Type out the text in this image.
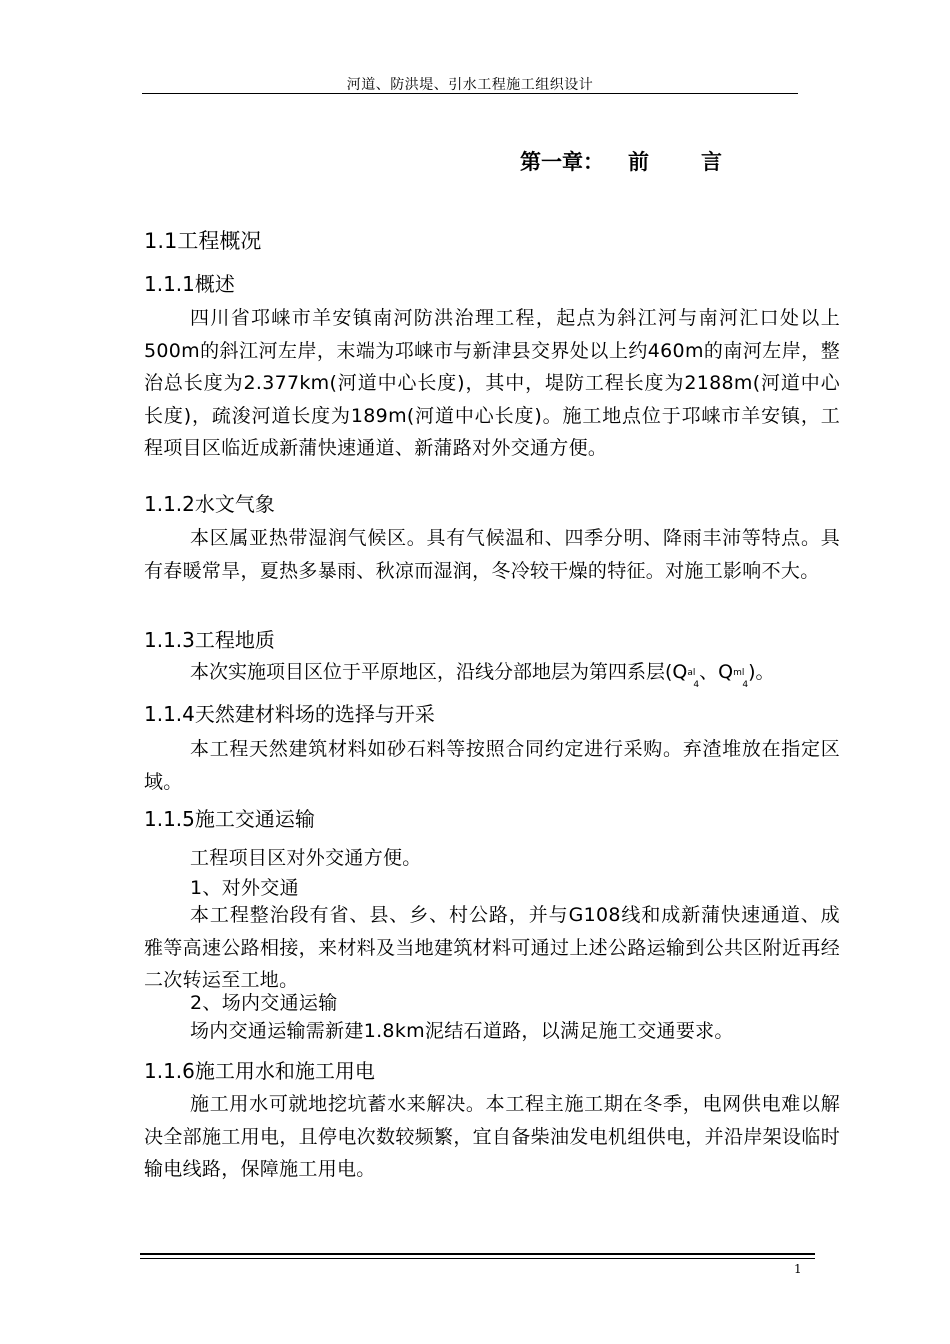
河道、防洪堤、引水工程施工组织设计
第一章： 前 言
1.1工程概况
1.1.1概述
四川省邛崃市羊安镇南河防洪治理工程，起点为斜江河与南河汇口处以上500m的斜江河左岸，末端为邛崃市与新津县交界处以上约460m的南河左岸，整治总长度为2.377km(河道中心长度)，其中，堤防工程长度为2188m(河道中心长度)，疏浚河道长度为189m(河道中心长度)。施工地点位于邛崃市羊安镇，工程项目区临近成新蒲快速通道、新蒲路对外交通方便。
1.1.2水文气象
本区属亚热带湿润气候区。具有气候温和、四季分明、降雨丰沛等特点。具有春暖常旱，夏热多暴雨、秋凉而湿润，冬冷较干燥的特征。对施工影响不大。
1.1.3工程地质
本次实施项目区位于平原地区，沿线分部地层为第四系层(Qal$_4$、Qml$_4$)。
1.1.4天然建材料场的选择与开采
本工程天然建筑材料如砂石料等按照合同约定进行采购。弃渣堆放在指定区域。
1.1.5施工交通运输
工程项目区对外交通方便。
1、对外交通
本工程整治段有省、县、乡、村公路，并与G108线和成新蒲快速通道、成雅等高速公路相接，来材料及当地建筑材料可通过上述公路运输到公共区附近再经二次转运至工地。
2、场内交通运输
场内交通运输需新建1.8km泥结石道路，以满足施工交通要求。
1.1.6施工用水和施工用电
施工用水可就地挖坑蓄水来解决。本工程主施工期在冬季，电网供电难以解决全部施工用电，且停电次数较频繁，宜自备柴油发电机组供电，并沿岸架设临时输电线路，保障施工用电。
1
